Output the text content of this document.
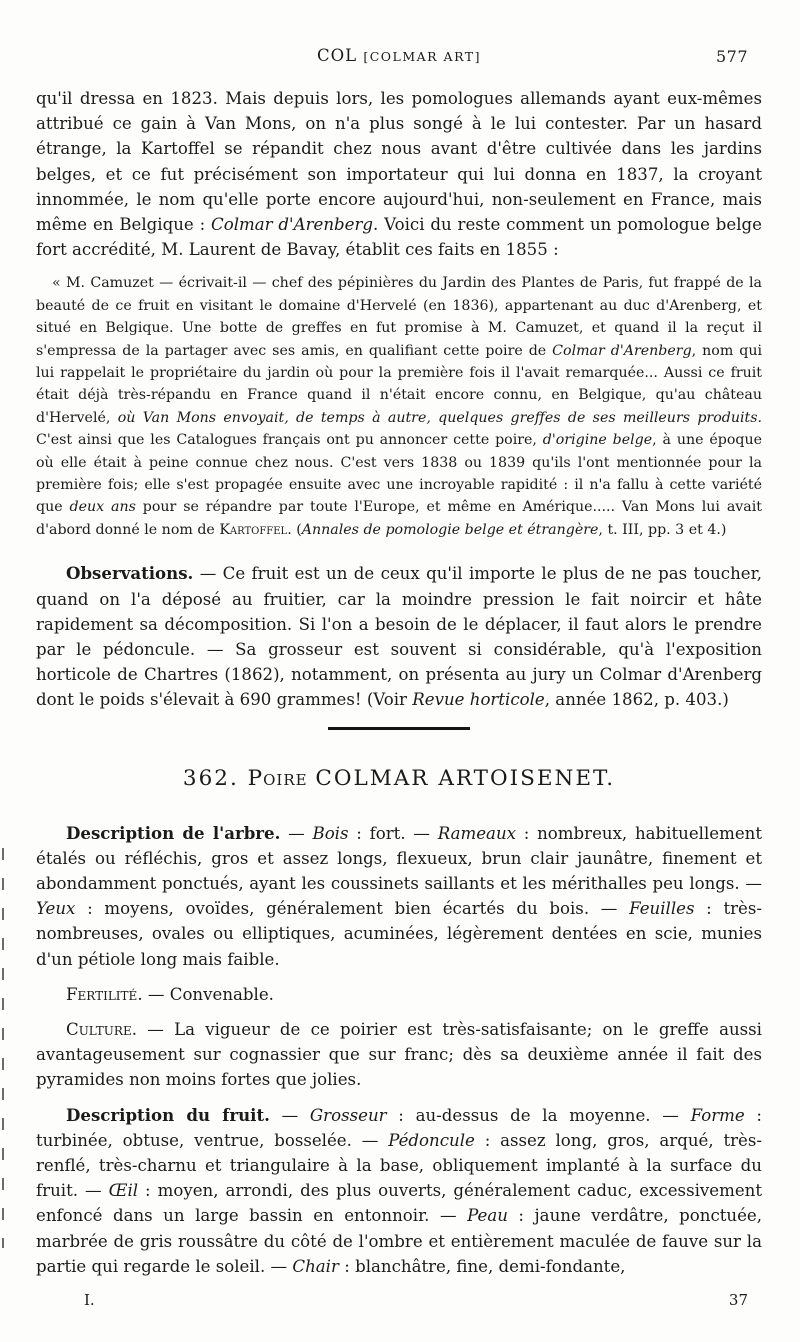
COL [COLMAR ART]	577

qu'il dressa en 1823. Mais depuis lors, les pomologues allemands ayant eux-mêmes attribué ce gain à Van Mons, on n'a plus songé à le lui contester. Par un hasard étrange, la Kartoffel se répandit chez nous avant d'être cultivée dans les jardins belges, et ce fut précisément son importateur qui lui donna en 1837, la croyant innommée, le nom qu'elle porte encore aujourd'hui, non-seulement en France, mais même en Belgique : Colmar d'Arenberg. Voici du reste comment un pomologue belge fort accrédité, M. Laurent de Bavay, établit ces faits en 1855 :

« M. Camuzet — écrivait-il — chef des pépinières du Jardin des Plantes de Paris, fut frappé de la beauté de ce fruit en visitant le domaine d'Hervelé (en 1836), appartenant au duc d'Arenberg, et situé en Belgique. Une botte de greffes en fut promise à M. Camuzet, et quand il la reçut il s'empressa de la partager avec ses amis, en qualifiant cette poire de Colmar d'Arenberg, nom qui lui rappelait le propriétaire du jardin où pour la première fois il l'avait remarquée... Aussi ce fruit était déjà très-répandu en France quand il n'était encore connu, en Belgique, qu'au château d'Hervelé, où Van Mons envoyait, de temps à autre, quelques greffes de ses meilleurs produits. C'est ainsi que les Catalogues français ont pu annoncer cette poire, d'origine belge, à une époque où elle était à peine connue chez nous. C'est vers 1838 ou 1839 qu'ils l'ont mentionnée pour la première fois; elle s'est propagée ensuite avec une incroyable rapidité : il n'a fallu à cette variété que deux ans pour se répandre par toute l'Europe, et même en Amérique..... Van Mons lui avait d'abord donné le nom de Kartoffel. (Annales de pomologie belge et étrangère, t. III, pp. 3 et 4.)

Observations. — Ce fruit est un de ceux qu'il importe le plus de ne pas toucher, quand on l'a déposé au fruitier, car la moindre pression le fait noircir et hâte rapidement sa décomposition. Si l'on a besoin de le déplacer, il faut alors le prendre par le pédoncule. — Sa grosseur est souvent si considérable, qu'à l'exposition horticole de Chartres (1862), notamment, on présenta au jury un Colmar d'Arenberg dont le poids s'élevait à 690 grammes! (Voir Revue horticole, année 1862, p. 403.)

362. Poire COLMAR ARTOISENET.

Description de l'arbre. — Bois : fort. — Rameaux : nombreux, habituellement étalés ou réfléchis, gros et assez longs, flexueux, brun clair jaunâtre, finement et abondamment ponctués, ayant les coussinets saillants et les mérithalles peu longs. — Yeux : moyens, ovoïdes, généralement bien écartés du bois. — Feuilles : très-nombreuses, ovales ou elliptiques, acuminées, légèrement dentées en scie, munies d'un pétiole long mais faible.

Fertilité. — Convenable.

Culture. — La vigueur de ce poirier est très-satisfaisante; on le greffe aussi avantageusement sur cognassier que sur franc; dès sa deuxième année il fait des pyramides non moins fortes que jolies.

Description du fruit. — Grosseur : au-dessus de la moyenne. — Forme : turbinée, obtuse, ventrue, bosselée. — Pédoncule : assez long, gros, arqué, très-renflé, très-charnu et triangulaire à la base, obliquement implanté à la surface du fruit. — Œil : moyen, arrondi, des plus ouverts, généralement caduc, excessivement enfoncé dans un large bassin en entonnoir. — Peau : jaune verdâtre, ponctuée, marbrée de gris roussâtre du côté de l'ombre et entièrement maculée de fauve sur la partie qui regarde le soleil. — Chair : blanchâtre, fine, demi-fondante,

I.	37
